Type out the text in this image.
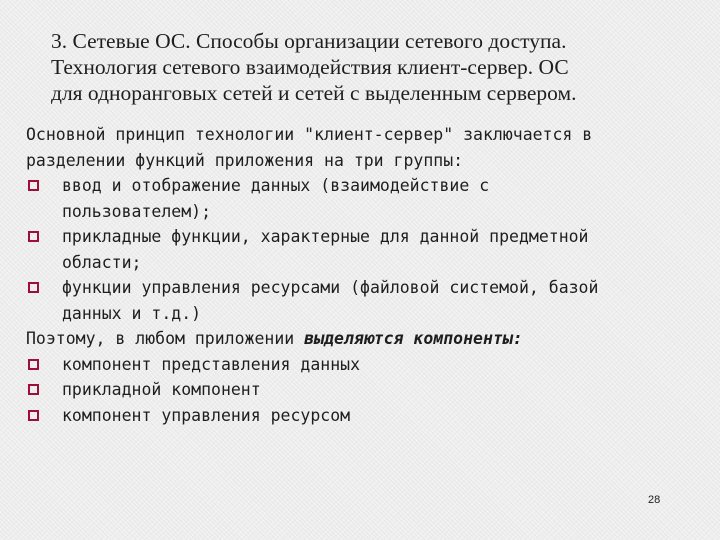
3. Сетевые ОС. Способы организации сетевого доступа.
Технология сетевого взаимодействия клиент-сервер. ОС
для одноранговых сетей и сетей с выделенным сервером.
Основной принцип технологии "клиент-сервер" заключается в
разделении функций приложения на три группы:
ввод и отображение данных (взаимодействие с
пользователем);
прикладные функции, характерные для данной предметной
области;
функции управления ресурсами (файловой системой, базой
данных и т.д.)
Поэтому, в любом приложении выделяются компоненты:
компонент представления данных
прикладной компонент
компонент управления ресурсом
28
